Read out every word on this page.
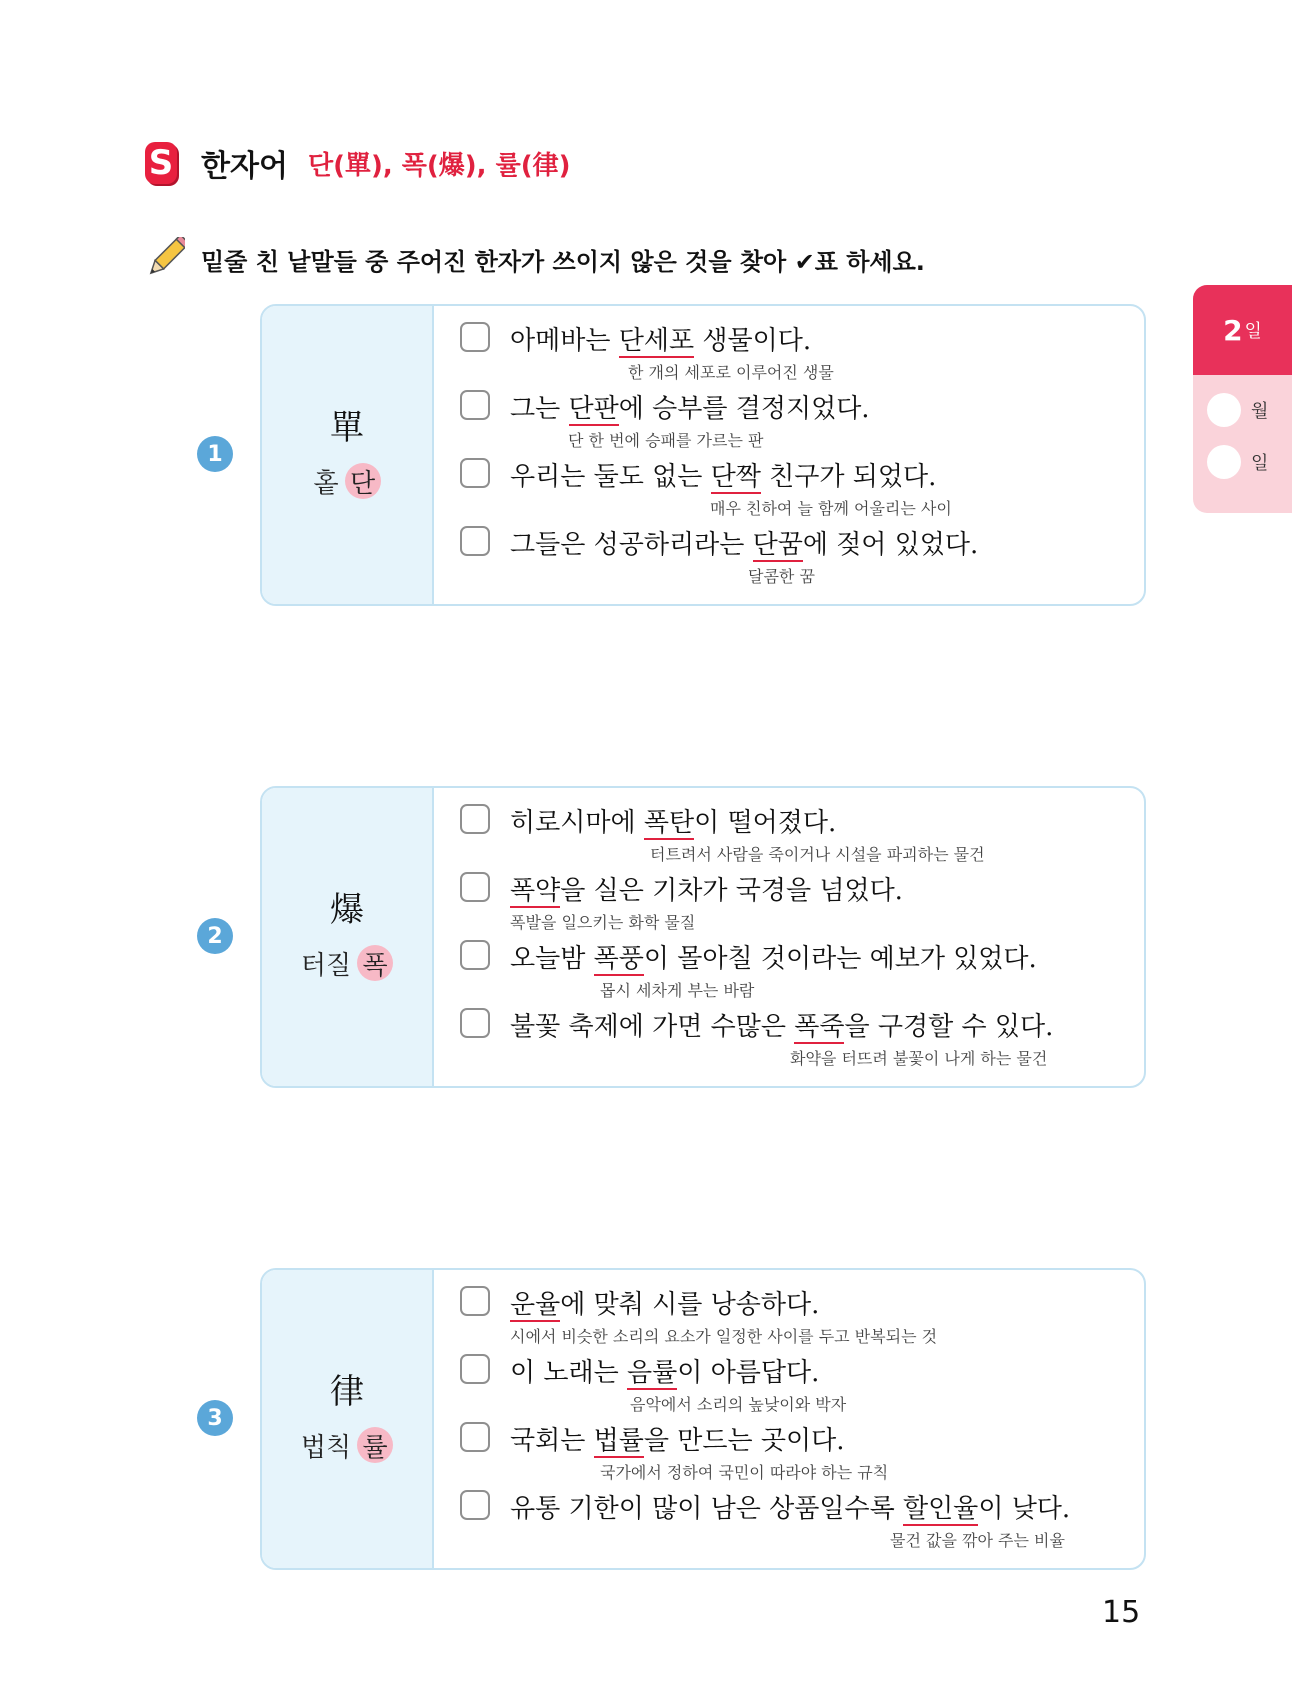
S 한자어 단(單), 폭(爆), 률(律)
밑줄 친 낱말들 중 주어진 한자가 쓰이지 않은 것을 찾아 ✔표 하세요.
2 일
월
일
1
單
홑 단
아메바는 단세포 생물이다.
한 개의 세포로 이루어진 생물
그는 단판에 승부를 결정지었다.
단 한 번에 승패를 가르는 판
우리는 둘도 없는 단짝 친구가 되었다.
매우 친하여 늘 함께 어울리는 사이
그들은 성공하리라는 단꿈에 젖어 있었다.
달콤한 꿈
2
爆
터질 폭
히로시마에 폭탄이 떨어졌다.
터트려서 사람을 죽이거나 시설을 파괴하는 물건
폭약을 실은 기차가 국경을 넘었다.
폭발을 일으키는 화학 물질
오늘밤 폭풍이 몰아칠 것이라는 예보가 있었다.
몹시 세차게 부는 바람
불꽃 축제에 가면 수많은 폭죽을 구경할 수 있다.
화약을 터뜨려 불꽃이 나게 하는 물건
3
律
법칙 률
운율에 맞춰 시를 낭송하다.
시에서 비슷한 소리의 요소가 일정한 사이를 두고 반복되는 것
이 노래는 음률이 아름답다.
음악에서 소리의 높낮이와 박자
국회는 법률을 만드는 곳이다.
국가에서 정하여 국민이 따라야 하는 규칙
유통 기한이 많이 남은 상품일수록 할인율이 낮다.
물건 값을 깎아 주는 비율
15
